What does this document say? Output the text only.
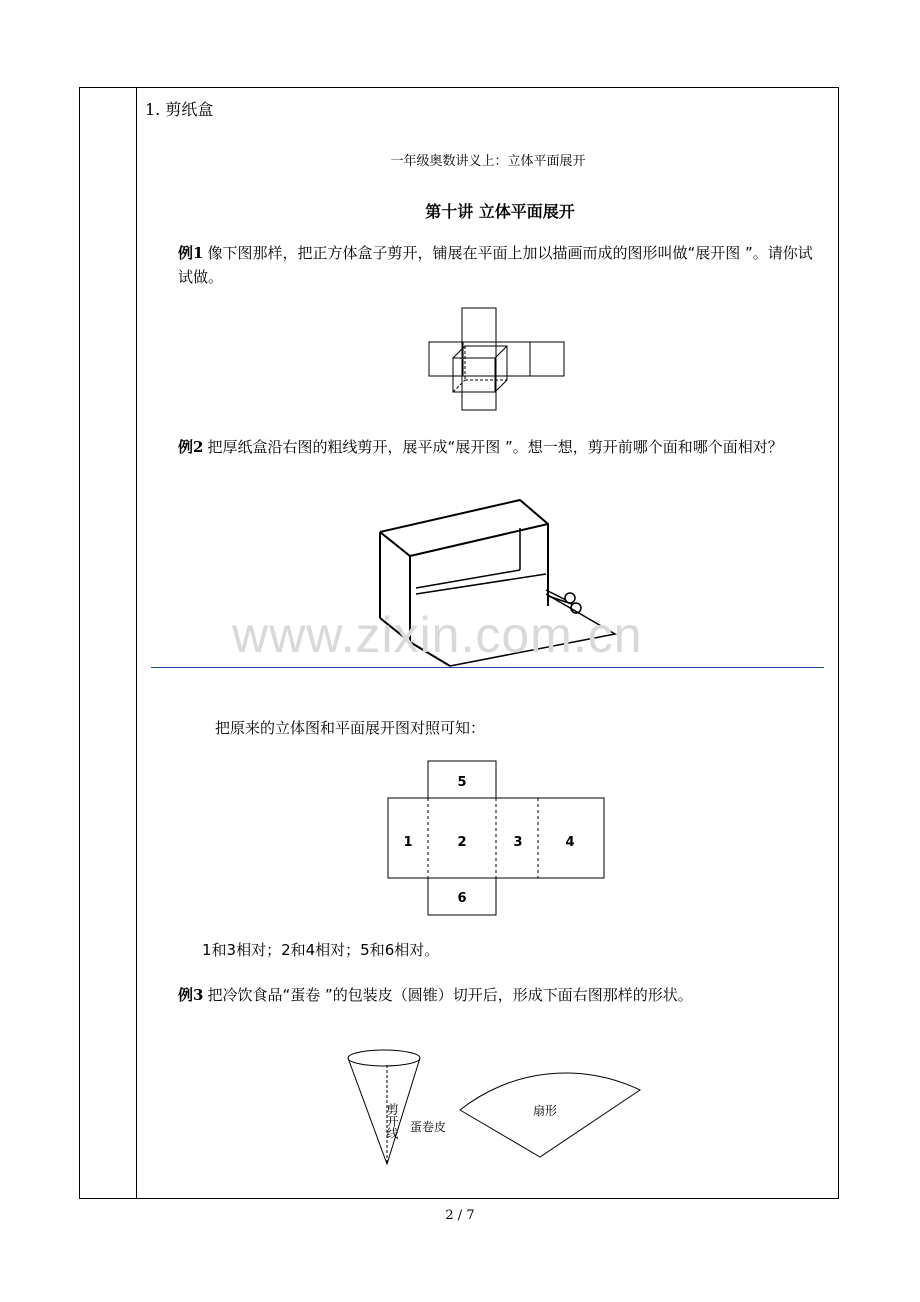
1. 剪纸盒
一年级奥数讲义上：立体平面展开
第十讲 立体平面展开
例1 像下图那样，把正方体盒子剪开，铺展在平面上加以描画而成的图形叫做“展开图 ”。请你试试做。
例2 把厚纸盒沿右图的粗线剪开，展平成“展开图 ”。想一想，剪开前哪个面和哪个面相对？
www.zixin.com.cn
把原来的立体图和平面展开图对照可知：
5
1	2	3	4
6
1和3相对；2和4相对；5和6相对。
例3 把冷饮食品“蛋卷 ”的包装皮（圆锥）切开后，形成下面右图那样的形状。
剪开线 蛋卷皮
扇形
2 / 7
